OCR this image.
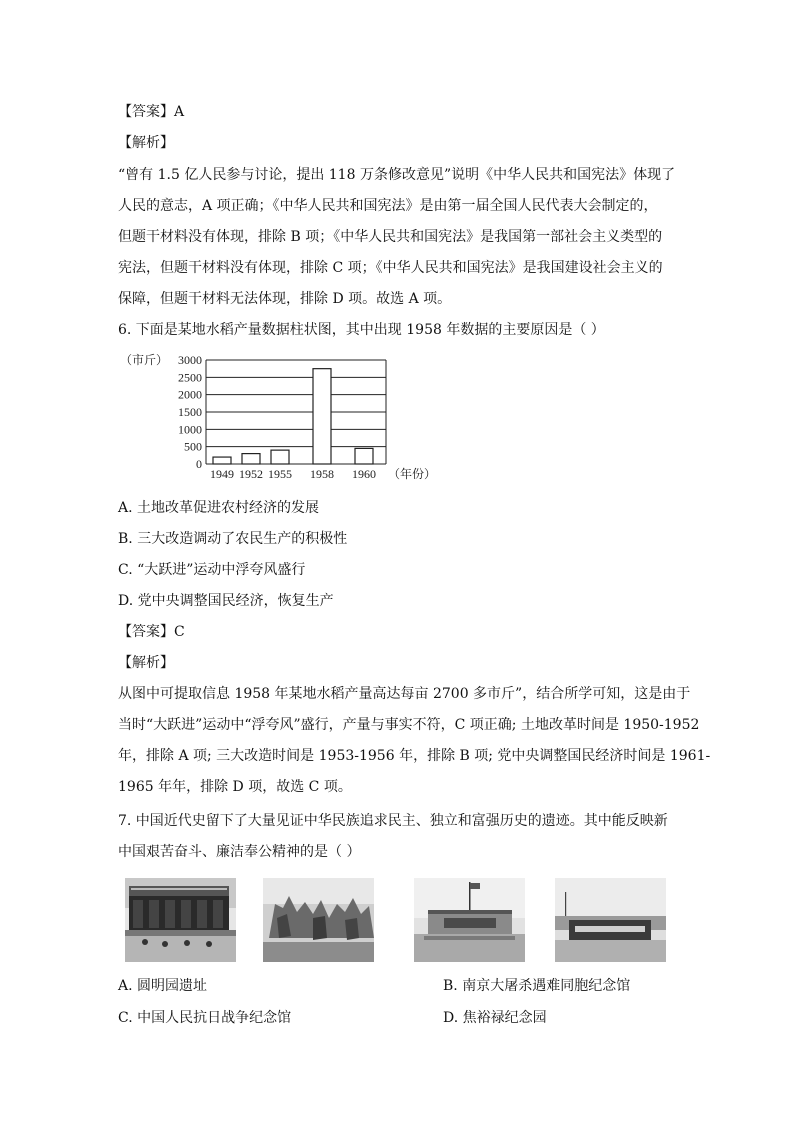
【答案】A
【解析】
“曾有 1.5 亿人民参与讨论，提出 118 万条修改意见”说明《中华人民共和国宪法》体现了
人民的意志，A 项正确；《中华人民共和国宪法》是由第一届全国人民代表大会制定的，
但题干材料没有体现，排除 B 项；《中华人民共和国宪法》是我国第一部社会主义类型的
宪法，但题干材料没有体现，排除 C 项；《中华人民共和国宪法》是我国建设社会主义的
保障，但题干材料无法体现，排除 D 项。故选 A 项。
6. 下面是某地水稻产量数据柱状图，其中出现 1958 年数据的主要原因是（ ）
3000
2500
2000
1500
1000
500
0
1949 1952 1955 1958 1960
（市斤）
（年份）
A. 土地改革促进农村经济的发展
B. 三大改造调动了农民生产的积极性
C. “大跃进”运动中浮夸风盛行
D. 党中央调整国民经济，恢复生产
【答案】C
【解析】
从图中可提取信息 1958 年某地水稻产量高达每亩 2700 多市斤”，结合所学可知，这是由于
当时“大跃进”运动中“浮夸风”盛行，产量与事实不符，C 项正确; 土地改革时间是 1950-1952
年，排除 A 项; 三大改造时间是 1953-1956 年，排除 B 项; 党中央调整国民经济时间是 1961-
1965 年年，排除 D 项，故选 C 项。
7. 中国近代史留下了大量见证中华民族追求民主、独立和富强历史的遗迹。其中能反映新
中国艰苦奋斗、廉洁奉公精神的是（ ）
A. 圆明园遗址	B. 南京大屠杀遇难同胞纪念馆
C. 中国人民抗日战争纪念馆	D. 焦裕禄纪念园
